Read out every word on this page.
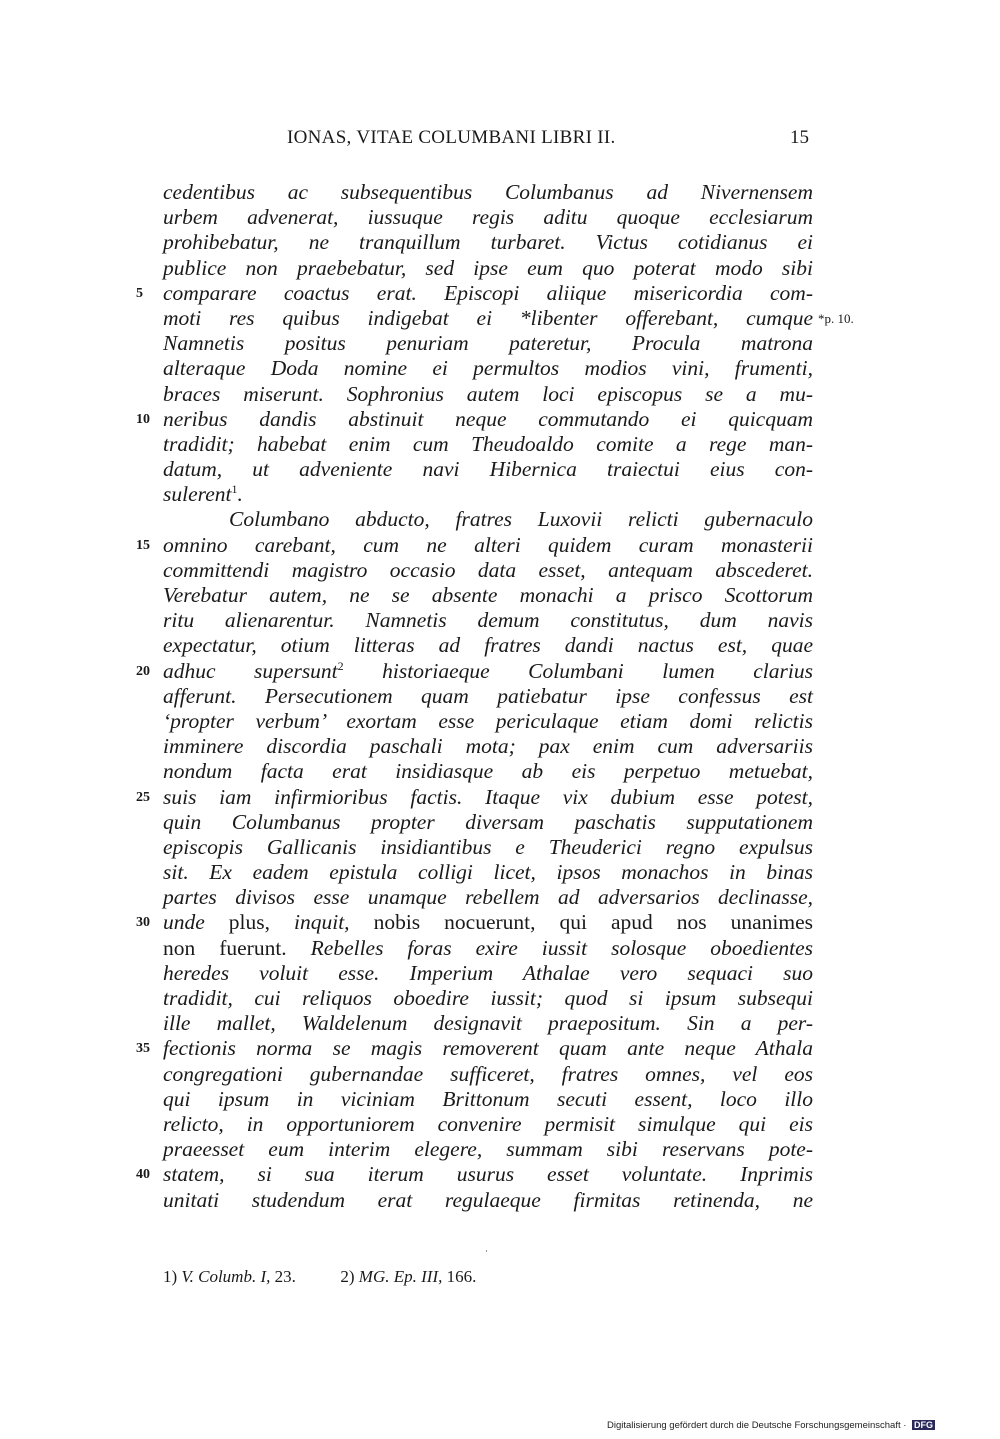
IONAS, VITAE COLUMBANI LIBRI II.	15
cedentibus ac subsequentibus Columbanus ad Nivernensem
urbem advenerat, iussuque regis aditu quoque ecclesiarum
prohibebatur, ne tranquillum turbaret. Victus cotidianus ei
publice non praebebatur, sed ipse eum quo poterat modo sibi
5 comparare coactus erat. Episcopi aliique misericordia com-
moti res quibus indigebat ei *libenter offerebant, cumque *p. 10.
Namnetis positus penuriam pateretur, Procula matrona
alteraque Doda nomine ei permultos modios vini, frumenti,
braces miserunt. Sophronius autem loci episcopus se a mu-
10 neribus dandis abstinuit neque commutando ei quicquam
tradidit; habebat enim cum Theudoaldo comite a rege man-
datum, ut adveniente navi Hibernica traiectui eius con-
sulerent$^1$.
Columbano abducto, fratres Luxovii relicti gubernaculo
15 omnino carebant, cum ne alteri quidem curam monasterii
committendi magistro occasio data esset, antequam abscederet.
Verebatur autem, ne se absente monachi a prisco Scottorum
ritu alienarentur. Namnetis demum constitutus, dum navis
expectatur, otium litteras ad fratres dandi nactus est, quae
20 adhuc supersunt$^2$ historiaeque Columbani lumen clarius
afferunt. Persecutionem quam patiebatur ipse confessus est
‘propter verbum’ exortam esse periculaque etiam domi relictis
imminere discordia paschali mota; pax enim cum adversariis
nondum facta erat insidiasque ab eis perpetuo metuebat,
25 suis iam infirmioribus factis. Itaque vix dubium esse potest,
quin Columbanus propter diversam paschatis supputationem
episcopis Gallicanis insidiantibus e Theuderici regno expulsus
sit. Ex eadem epistula colligi licet, ipsos monachos in binas
partes divisos esse unamque rebellem ad adversarios declinasse,
30 unde plus, inquit, nobis nocuerunt, qui apud nos unanimes
non fuerunt. Rebelles foras exire iussit solosque oboedientes
heredes voluit esse. Imperium Athalae vero sequaci suo
tradidit, cui reliquos oboedire iussit; quod si ipsum subsequi
ille mallet, Waldelenum designavit praepositum. Sin a per-
35 fectionis norma se magis removerent quam ante neque Athala
congregationi gubernandae sufficeret, fratres omnes, vel eos
qui ipsum in viciniam Brittonum secuti essent, loco illo
relicto, in opportuniorem convenire permisit simulque qui eis
praeesset eum interim elegere, summam sibi reservans pote-
40 statem, si sua iterum usurus esset voluntate. Inprimis
unitati studendum erat regulaeque firmitas retinenda, ne
1) V. Columb. I, 23.	2) MG. Ep. III, 166.
Digitalisierung gefördert durch die Deutsche Forschungsgemeinschaft · DFG
